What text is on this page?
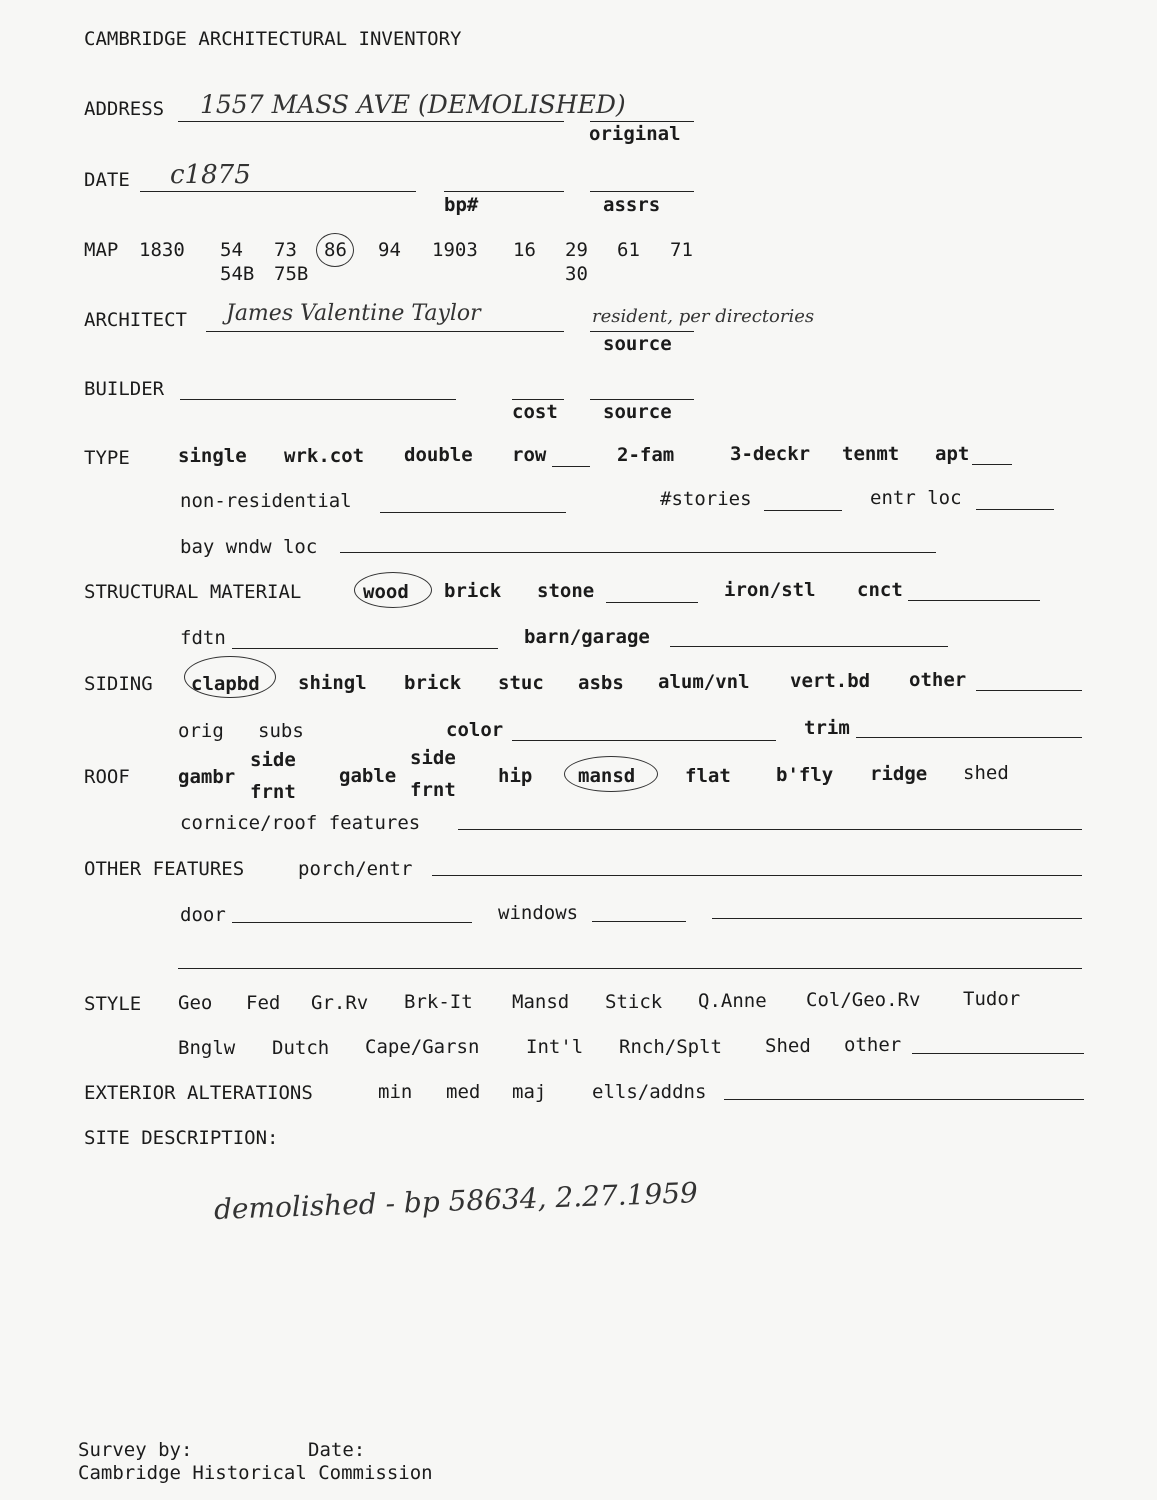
CAMBRIDGE ARCHITECTURAL INVENTORY
ADDRESS 1557 MASS AVE (DEMOLISHED)
original
DATE c1875
bp#	assrs
MAP 1830 54 73 86 94 1903 16 29 61 71
54B 75B	30
ARCHITECT James Valentine Taylor	resident, per directories
source
BUILDER
cost source
TYPE	single wrk.cot double row	2-fam	3-deckr tenmt apt
non-residential	#stories	entr loc
bay wndw loc
STRUCTURAL MATERIAL	wood brick stone	iron/stl cnct
fdtn	barn/garage
SIDING clapbd shingl brick stuc asbs alum/vnl vert.bd other
orig subs	color	trim
ROOF	gambr
side
frnt
gable
side
frnt
hip mansd	flat b'fly ridge shed
cornice/roof features
OTHER FEATURES	porch/entr
door	windows
STYLE Geo Fed Gr.Rv Brk-It Mansd Stick Q.Anne Col/Geo.Rv Tudor
Bnglw Dutch Cape/Garsn Int'l Rnch/Splt Shed other
EXTERIOR ALTERATIONS	min med maj ells/addns
SITE DESCRIPTION:
demolished - bp 58634, 2.27.1959
Survey by:	Date:
Cambridge Historical Commission
